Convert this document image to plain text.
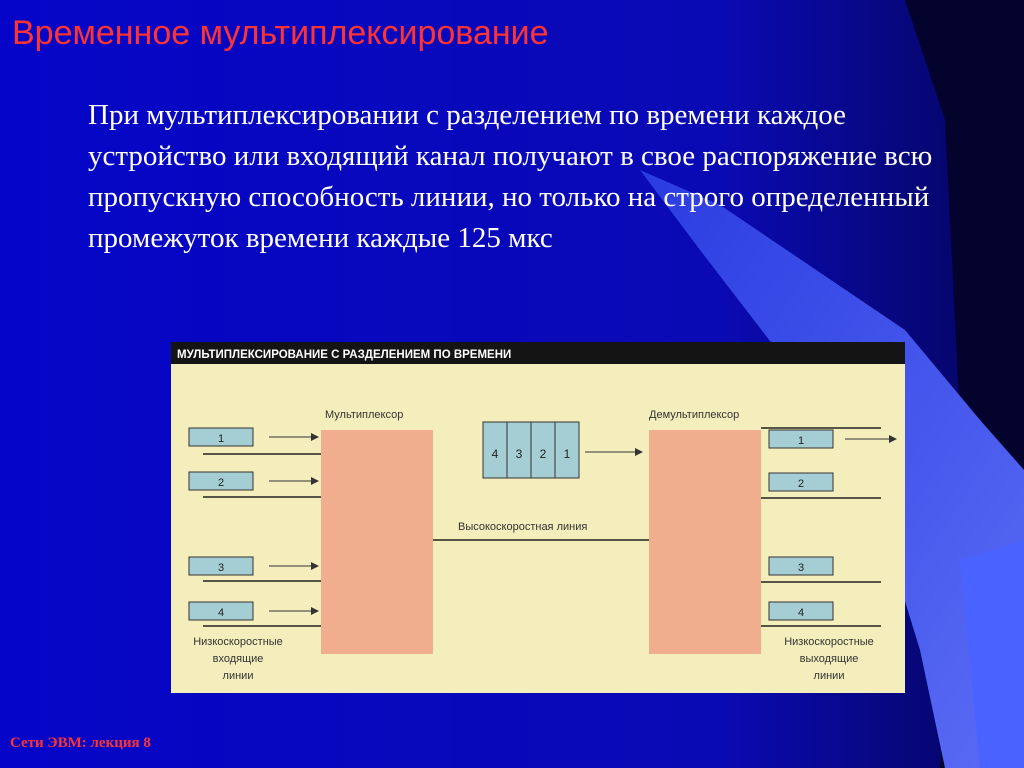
Временное мультиплексирование
При мультиплексировании с разделением по времени каждое устройство или входящий канал получают в свое распоряжение всю пропускную способность линии, но только на строго определенный промежуток времени каждые 125 мкс
МУЛЬТИПЛЕКСИРОВАНИЕ С РАЗДЕЛЕНИЕМ ПО ВРЕМЕНИ
Мультиплексор	Демультиплексор
Высокоскоростная линия
4 3 2 1
1
2
3
4
1
2
3
4
Низкоскоростные
входящие
линии
Низкоскоростные
выходящие
линии
Сети ЭВМ: лекция 8
